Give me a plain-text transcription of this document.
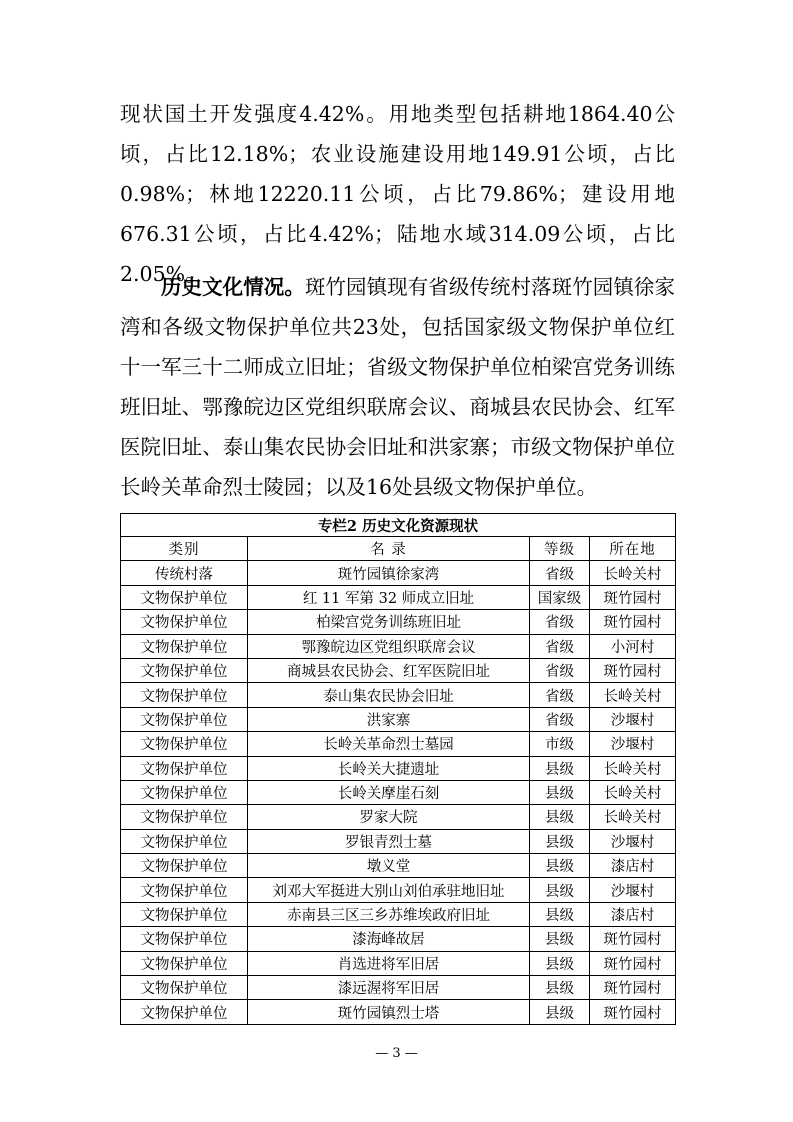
现状国土开发强度4.42%。用地类型包括耕地1864.40公顷，占比12.18%；农业设施建设用地149.91公顷，占比0.98%；林地12220.11公顷，占比79.86%；建设用地676.31公顷，占比4.42%；陆地水域314.09公顷，占比2.05%。

历史文化情况。斑竹园镇现有省级传统村落斑竹园镇徐家湾和各级文物保护单位共23处，包括国家级文物保护单位红十一军三十二师成立旧址；省级文物保护单位柏梁宫党务训练班旧址、鄂豫皖边区党组织联席会议、商城县农民协会、红军医院旧址、泰山集农民协会旧址和洪家寨；市级文物保护单位长岭关革命烈士陵园；以及16处县级文物保护单位。

专栏2 历史文化资源现状			
类别	名 录	等级	所在地
传统村落	斑竹园镇徐家湾	省级	长岭关村
文物保护单位	红 11 军第 32 师成立旧址	国家级	斑竹园村
文物保护单位	柏梁宫党务训练班旧址	省级	斑竹园村
文物保护单位	鄂豫皖边区党组织联席会议	省级	小河村
文物保护单位	商城县农民协会、红军医院旧址	省级	斑竹园村
文物保护单位	泰山集农民协会旧址	省级	长岭关村
文物保护单位	洪家寨	省级	沙堰村
文物保护单位	长岭关革命烈士墓园	市级	沙堰村
文物保护单位	长岭关大捷遗址	县级	长岭关村
文物保护单位	长岭关摩崖石刻	县级	长岭关村
文物保护单位	罗家大院	县级	长岭关村
文物保护单位	罗银青烈士墓	县级	沙堰村
文物保护单位	墩义堂	县级	漆店村
文物保护单位	刘邓大军挺进大别山刘伯承驻地旧址	县级	沙堰村
文物保护单位	赤南县三区三乡苏维埃政府旧址	县级	漆店村
文物保护单位	漆海峰故居	县级	斑竹园村
文物保护单位	肖选进将军旧居	县级	斑竹园村
文物保护单位	漆远渥将军旧居	县级	斑竹园村
文物保护单位	斑竹园镇烈士塔	县级	斑竹园村
— 3 —
